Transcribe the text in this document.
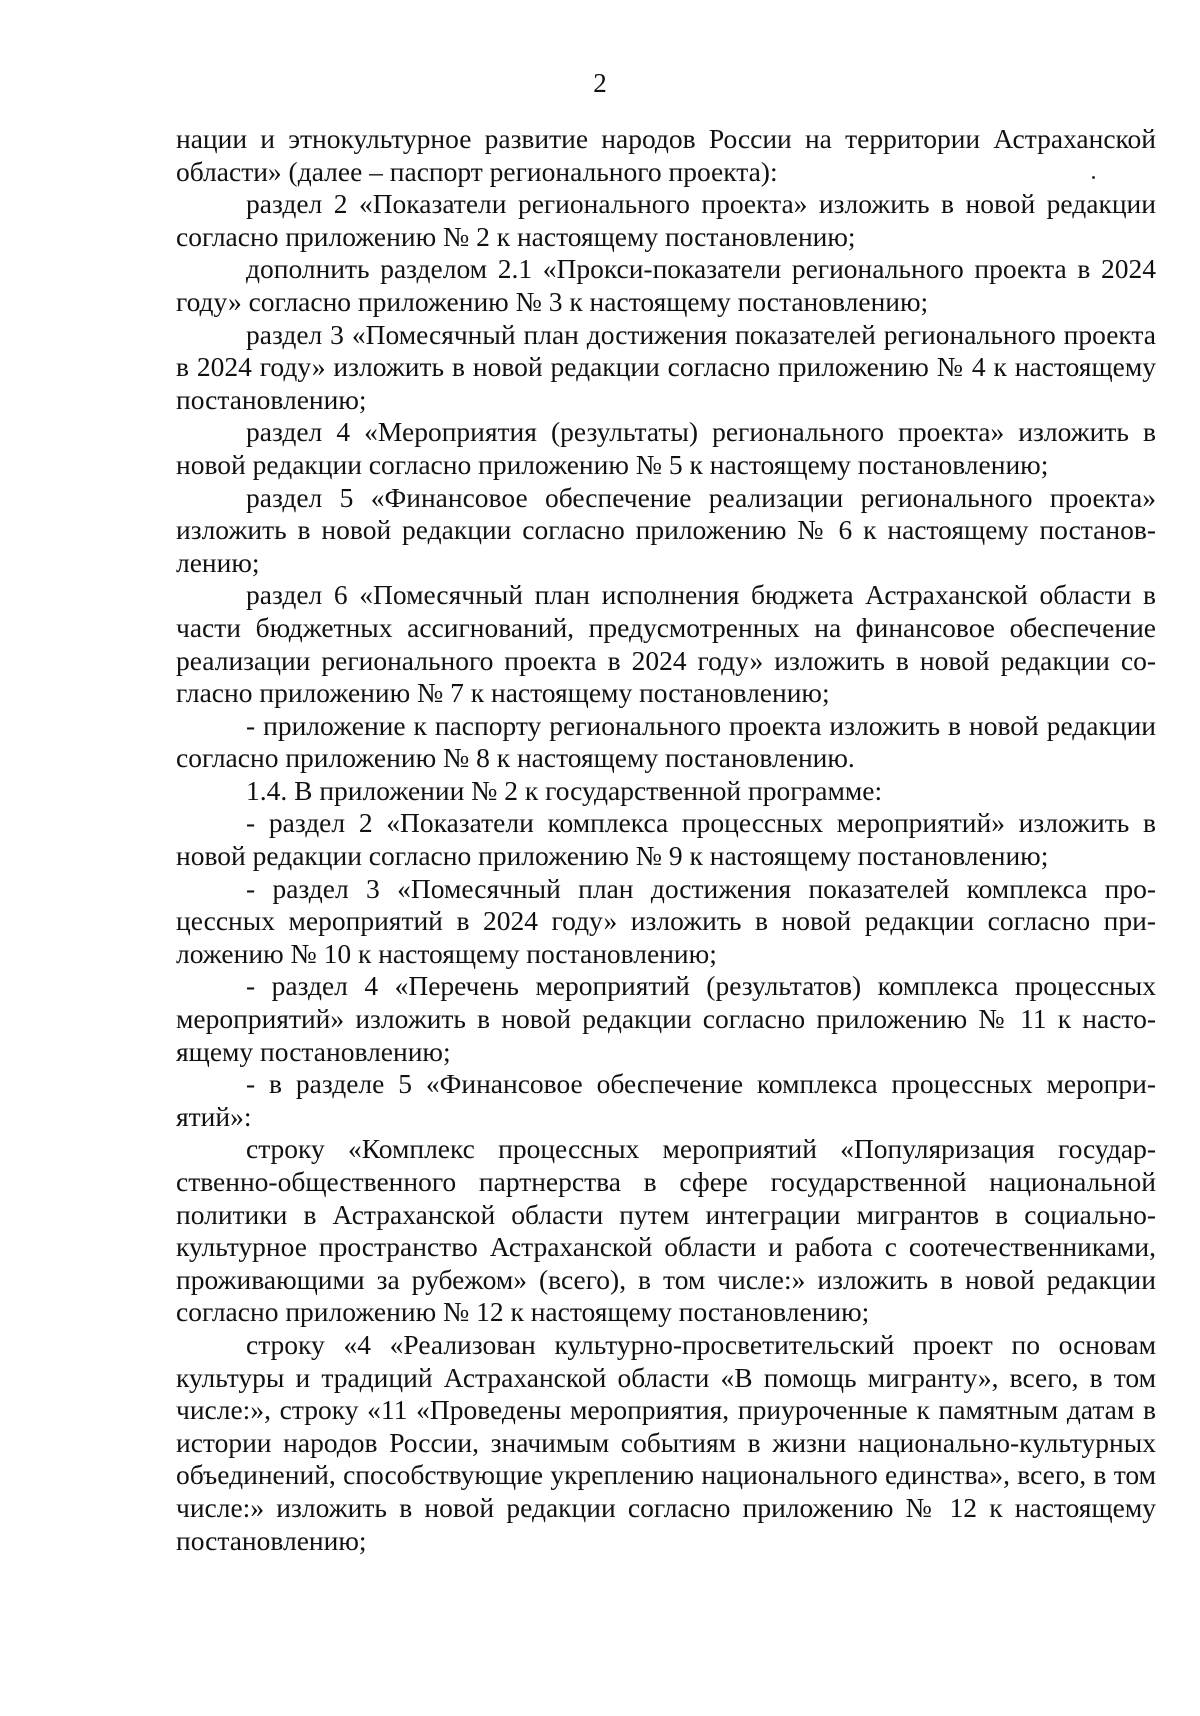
2

нации и этнокультурное развитие народов России на территории Астраханской области» (далее – паспорт регионального проекта):

раздел 2 «Показатели регионального проекта» изложить в новой редакции согласно приложению № 2 к настоящему постановлению;

дополнить разделом 2.1 «Прокси-показатели регионального проекта в 2024 году» согласно приложению № 3 к настоящему постановлению;

раздел 3 «Помесячный план достижения показателей регионального проекта в 2024 году» изложить в новой редакции согласно приложению № 4 к настоящему постановлению;

раздел 4 «Мероприятия (результаты) регионального проекта» изложить в новой редакции согласно приложению № 5 к настоящему постановлению;

раздел 5 «Финансовое обеспечение реализации регионального проекта» изложить в новой редакции согласно приложению № 6 к настоящему постановлению;

раздел 6 «Помесячный план исполнения бюджета Астраханской области в части бюджетных ассигнований, предусмотренных на финансовое обеспечение реализации регионального проекта в 2024 году» изложить в новой редакции согласно приложению № 7 к настоящему постановлению;

- приложение к паспорту регионального проекта изложить в новой редакции согласно приложению № 8 к настоящему постановлению.

1.4. В приложении № 2 к государственной программе:

- раздел 2 «Показатели комплекса процессных мероприятий» изложить в новой редакции согласно приложению № 9 к настоящему постановлению;

- раздел 3 «Помесячный план достижения показателей комплекса процессных мероприятий в 2024 году» изложить в новой редакции согласно приложению № 10 к настоящему постановлению;

- раздел 4 «Перечень мероприятий (результатов) комплекса процессных мероприятий» изложить в новой редакции согласно приложению № 11 к настоящему постановлению;

- в разделе 5 «Финансовое обеспечение комплекса процессных мероприятий»:

строку «Комплекс процессных мероприятий «Популяризация государственно-общественного партнерства в сфере государственной национальной политики в Астраханской области путем интеграции мигрантов в социально-культурное пространство Астраханской области и работа с соотечественниками, проживающими за рубежом» (всего), в том числе:» изложить в новой редакции согласно приложению № 12 к настоящему постановлению;

строку «4 «Реализован культурно-просветительский проект по основам культуры и традиций Астраханской области «В помощь мигранту», всего, в том числе:», строку «11 «Проведены мероприятия, приуроченные к памятным датам в истории народов России, значимым событиям в жизни национально-культурных объединений, способствующие укреплению национального единства», всего, в том числе:» изложить в новой редакции согласно приложению № 12 к настоящему постановлению;
